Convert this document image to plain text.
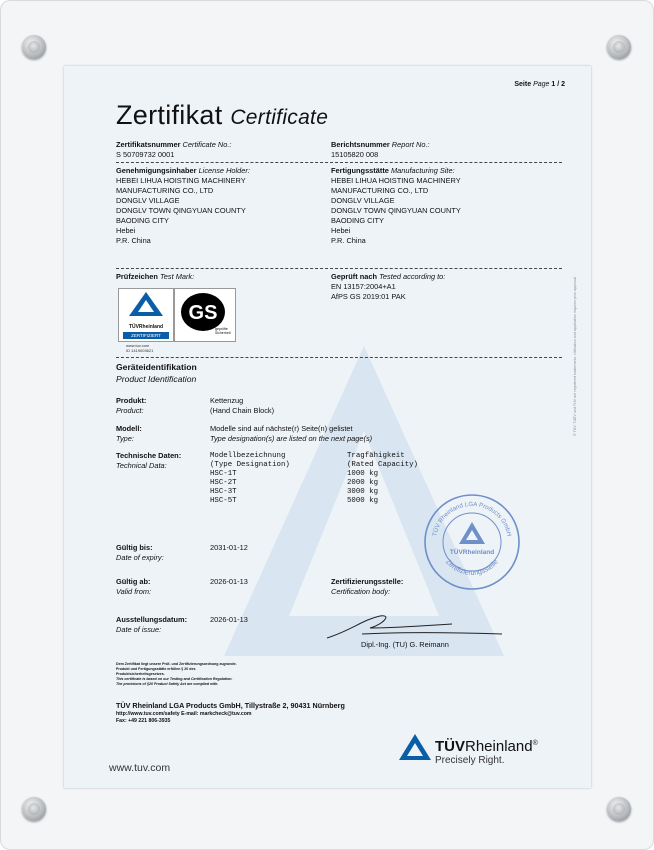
Seite Page 1 / 2
Zertifikat Certificate
Zertifikatsnummer Certificate No.:
S 50709732 0001
Berichtsnummer Report No.:
15105820 008
Genehmigungsinhaber License Holder:
HEBEI LIHUA HOISTING MACHINERY
MANUFACTURING CO., LTD
DONGLV VILLAGE
DONGLV TOWN QINGYUAN COUNTY
BAODING CITY
Hebei
P.R. China
Fertigungsstätte Manufacturing Site:
HEBEI LIHUA HOISTING MACHINERY
MANUFACTURING CO., LTD
DONGLV VILLAGE
DONGLV TOWN QINGYUAN COUNTY
BAODING CITY
Hebei
P.R. China
Prüfzeichen Test Mark:	Geprüft nach Tested according to:
EN 13157:2004+A1
AfPS GS 2019:01 PAK
TÜVRheinland
ZERTIFIZIERT
GS
geprüfte Sicherheit
www.tuv.com
ID 1419003621
Geräteidentifikation
Product Identification
Produkt:
Product:
Kettenzug
(Hand Chain Block)
Modell:
Type:
Modelle sind auf nächste(r) Seite(n) gelistet
Type designation(s) are listed on the next page(s)
Technische Daten:
Technical Data:
Modellbezeichnung
(Type Designation)
HSC-1T
HSC-2T
HSC-3T
HSC-5T
Tragfähigkeit
(Rated Capacity)
1000 kg
2000 kg
3000 kg
5000 kg
Gültig bis:
Date of expiry:
2031-01-12
Gültig ab:
Valid from:
2026-01-13	Zertifizierungsstelle:
Certification body:
Ausstellungsdatum:
Date of issue:
2026-01-13
Dipl.-Ing. (TU) G. Reimann
TÜV Rheinland LGA Products GmbH
Zertifizierungsstelle
TÜVRheinland
Dem Zertifikat liegt unsere Prüf- und Zertifizierungsordnung zugrunde.
Produkt und Fertigungsstätte erfüllen § 20 des
Produktsicherheitsgesetzes.
This certificate is based on our Testing and Certification Regulation.
The provisions of §20 Product Safety Act are complied with.
TÜV Rheinland LGA Products GmbH, Tillystraße 2, 90431 Nürnberg
http://www.tuv.com/safety E-mail: markcheck@tuv.com
Fax: +49 221 806-3935
® TÜV, TUEV und TUV are registered trademarks. Utilisation and application requires prior approval.
www.tuv.com
TÜVRheinland®
Precisely Right.
